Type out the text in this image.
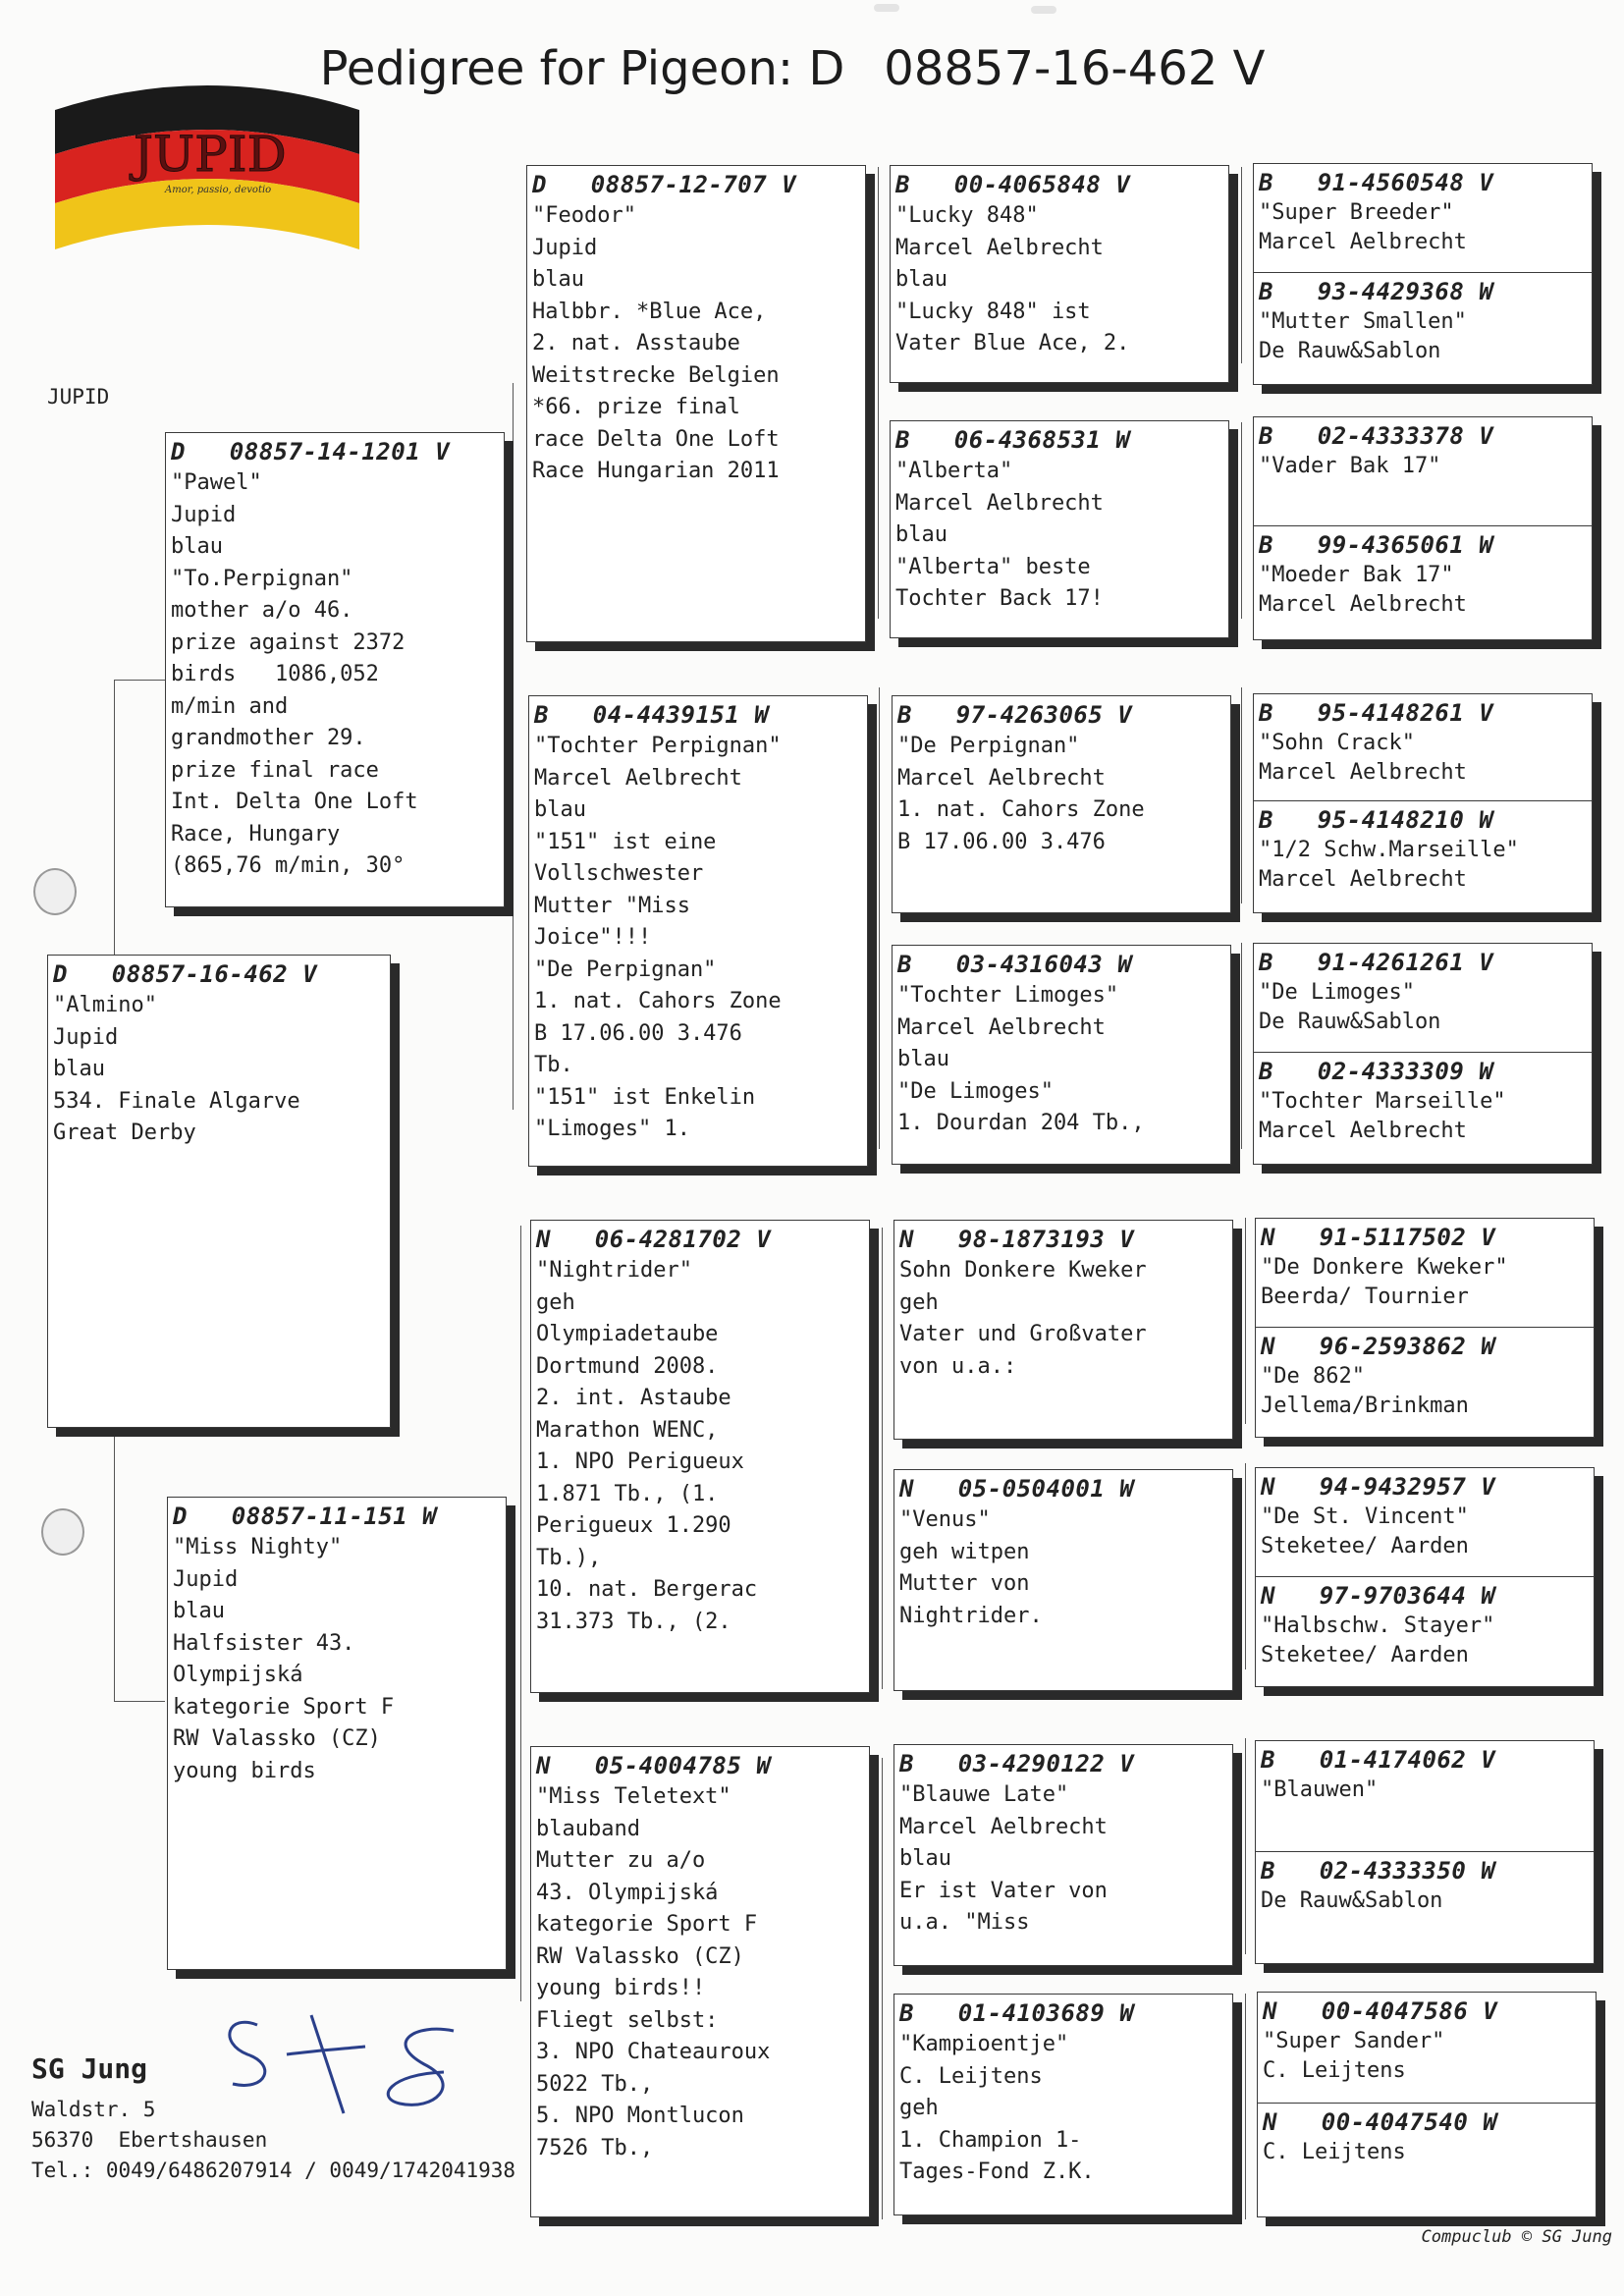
Pedigree for Pigeon: D 08857-16-462 V
JUPID
Amor, passio, devotio
JUPID
D   08857-16-462 V
"Almino"
Jupid
blau
534. Finale Algarve
Great Derby
D   08857-14-1201 V
"Pawel"
Jupid
blau
"To.Perpignan"
mother a/o 46.
prize against 2372
birds   1086,052
m/min and
grandmother 29.
prize final race
Int. Delta One Loft
Race, Hungary
(865,76 m/min, 30°
D   08857-11-151 W
"Miss Nighty"
Jupid
blau
Halfsister 43.
Olympijská
kategorie Sport F
RW Valassko (CZ)
young birds
D   08857-12-707 V
"Feodor"
Jupid
blau
Halbbr. *Blue Ace,
2. nat. Asstaube
Weitstrecke Belgien
*66. prize final
race Delta One Loft
Race Hungarian 2011
B   04-4439151 W
"Tochter Perpignan"
Marcel Aelbrecht
blau
"151" ist eine
Vollschwester
Mutter "Miss
Joice"!!!
"De Perpignan"
1. nat. Cahors Zone
B 17.06.00 3.476
Tb.
"151" ist Enkelin
"Limoges" 1.
N   06-4281702 V
"Nightrider"
geh
Olympiadetaube
Dortmund 2008.
2. int. Astaube
Marathon WENC,
1. NPO Perigueux
1.871 Tb., (1.
Perigueux 1.290
Tb.),
10. nat. Bergerac
31.373 Tb., (2.
N   05-4004785 W
"Miss Teletext"
blauband
Mutter zu a/o
43. Olympijská
kategorie Sport F
RW Valassko (CZ)
young birds!!
Fliegt selbst:
3. NPO Chateauroux
5022 Tb.,
5. NPO Montlucon
7526 Tb.,
B   00-4065848 V
"Lucky 848"
Marcel Aelbrecht
blau
"Lucky 848" ist
Vater Blue Ace, 2.
B   06-4368531 W
"Alberta"
Marcel Aelbrecht
blau
"Alberta" beste
Tochter Back 17!
B   97-4263065 V
"De Perpignan"
Marcel Aelbrecht
1. nat. Cahors Zone
B 17.06.00 3.476
B   03-4316043 W
"Tochter Limoges"
Marcel Aelbrecht
blau
"De Limoges"
1. Dourdan 204 Tb.,
N   98-1873193 V
Sohn Donkere Kweker
geh
Vater und Großvater
von u.a.:
N   05-0504001 W
"Venus"
geh witpen
Mutter von
Nightrider.
B   03-4290122 V
"Blauwe Late"
Marcel Aelbrecht
blau
Er ist Vater von
u.a. "Miss
B   01-4103689 W
"Kampioentje"
C. Leijtens
geh
1. Champion 1-
Tages-Fond Z.K.
B   91-4560548 V
"Super Breeder"
Marcel Aelbrecht
B   93-4429368 W
"Mutter Smallen"
De Rauw&Sablon
B   02-4333378 V
"Vader Bak 17"
B   99-4365061 W
"Moeder Bak 17"
Marcel Aelbrecht
B   95-4148261 V
"Sohn Crack"
Marcel Aelbrecht
B   95-4148210 W
"1/2 Schw.Marseille"
Marcel Aelbrecht
B   91-4261261 V
"De Limoges"
De Rauw&Sablon
B   02-4333309 W
"Tochter Marseille"
Marcel Aelbrecht
N   91-5117502 V
"De Donkere Kweker"
Beerda/ Tournier
N   96-2593862 W
"De 862"
Jellema/Brinkman
N   94-9432957 V
"De St. Vincent"
Steketee/ Aarden
N   97-9703644 W
"Halbschw. Stayer"
Steketee/ Aarden
B   01-4174062 V
"Blauwen"
B   02-4333350 W
De Rauw&Sablon
N   00-4047586 V
"Super Sander"
C. Leijtens
N   00-4047540 W
C. Leijtens
SG Jung
Waldstr. 5
56370  Ebertshausen
Tel.: 0049/6486207914 / 0049/1742041938
Compuclub © SG Jung
